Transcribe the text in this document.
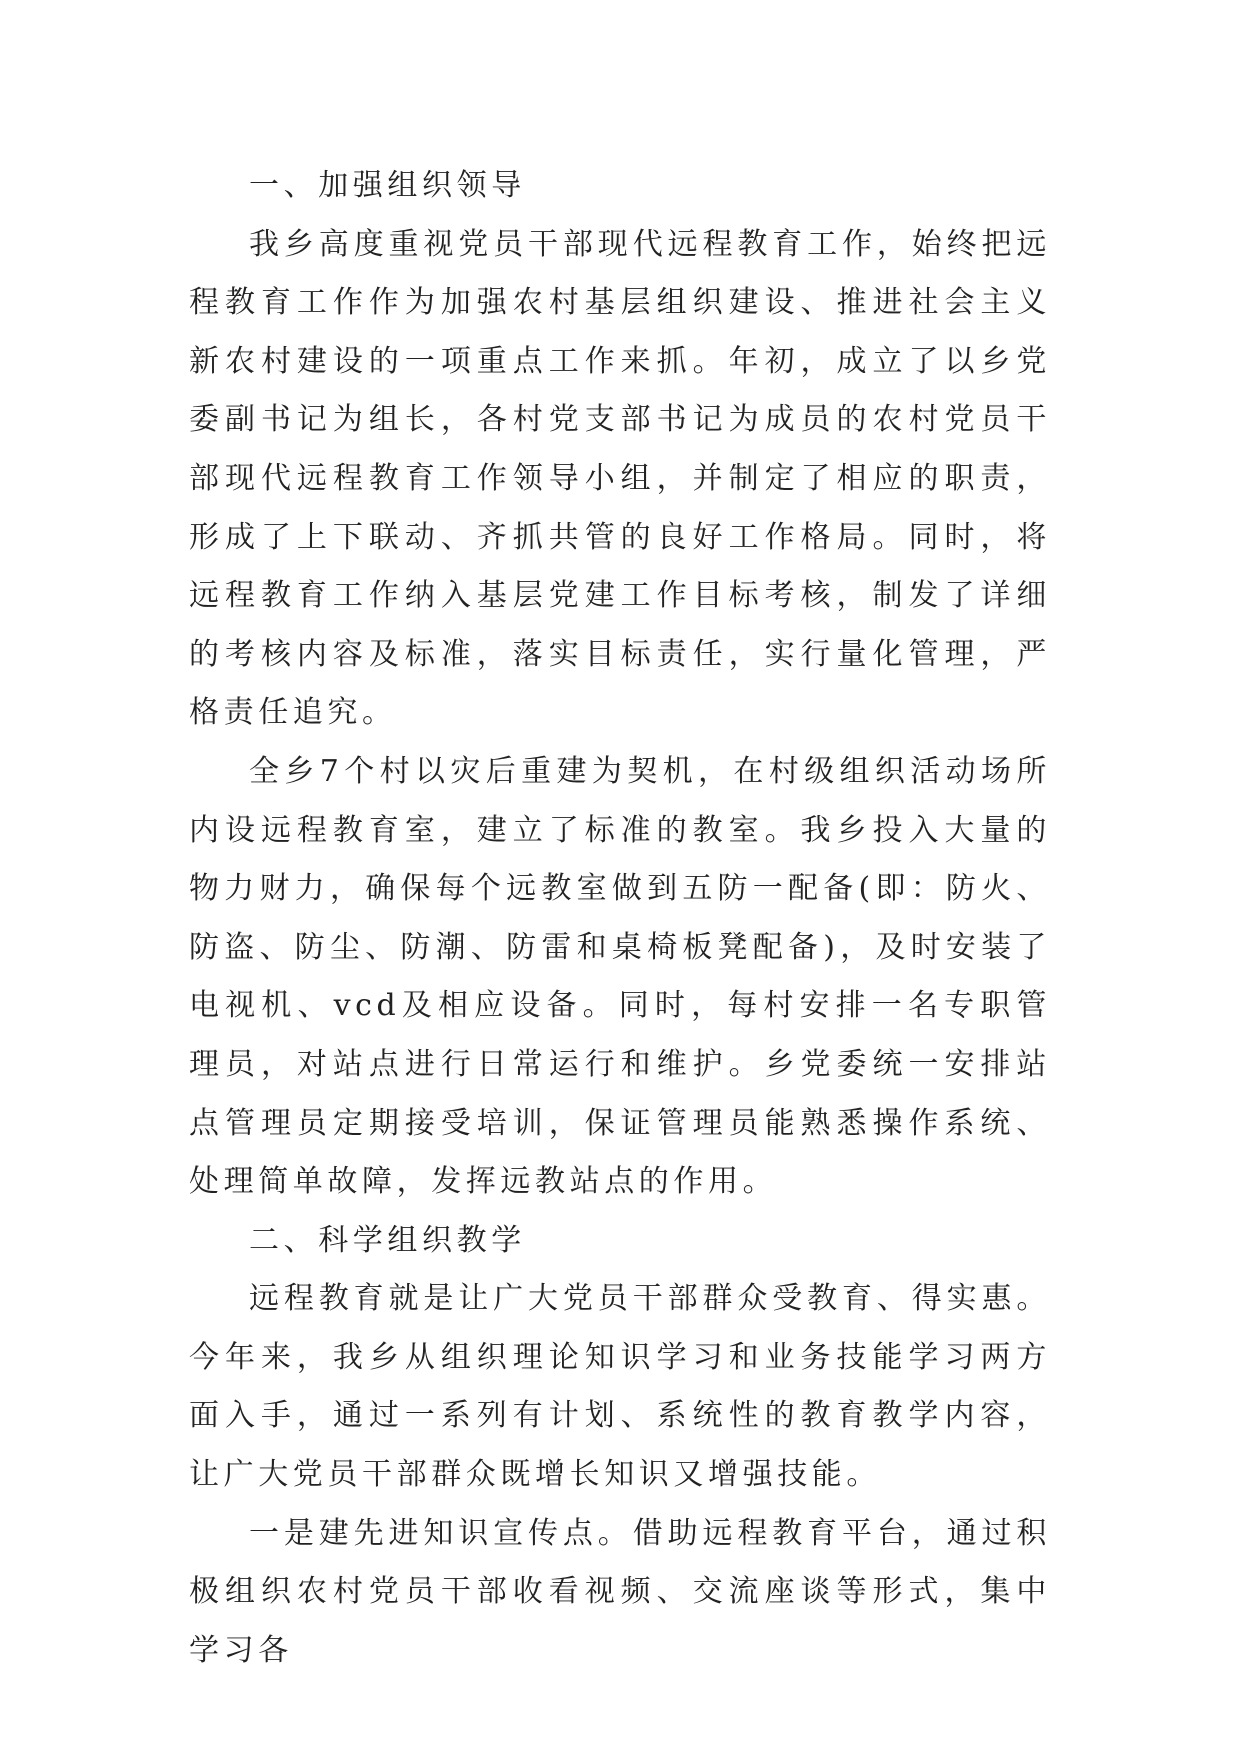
一、加强组织领导

我乡高度重视党员干部现代远程教育工作，始终把远程教育工作作为加强农村基层组织建设、推进社会主义新农村建设的一项重点工作来抓。年初，成立了以乡党委副书记为组长，各村党支部书记为成员的农村党员干部现代远程教育工作领导小组，并制定了相应的职责，形成了上下联动、齐抓共管的良好工作格局。同时，将远程教育工作纳入基层党建工作目标考核，制发了详细的考核内容及标准，落实目标责任，实行量化管理，严格责任追究。

全乡7个村以灾后重建为契机，在村级组织活动场所内设远程教育室，建立了标准的教室。我乡投入大量的物力财力，确保每个远教室做到五防一配备(即：防火、防盗、防尘、防潮、防雷和桌椅板凳配备)，及时安装了电视机、vcd及相应设备。同时，每村安排一名专职管理员，对站点进行日常运行和维护。乡党委统一安排站点管理员定期接受培训，保证管理员能熟悉操作系统、处理简单故障，发挥远教站点的作用。

二、科学组织教学

远程教育就是让广大党员干部群众受教育、得实惠。今年来，我乡从组织理论知识学习和业务技能学习两方面入手，通过一系列有计划、系统性的教育教学内容，让广大党员干部群众既增长知识又增强技能。

一是建先进知识宣传点。借助远程教育平台，通过积极组织农村党员干部收看视频、交流座谈等形式，集中学习各
